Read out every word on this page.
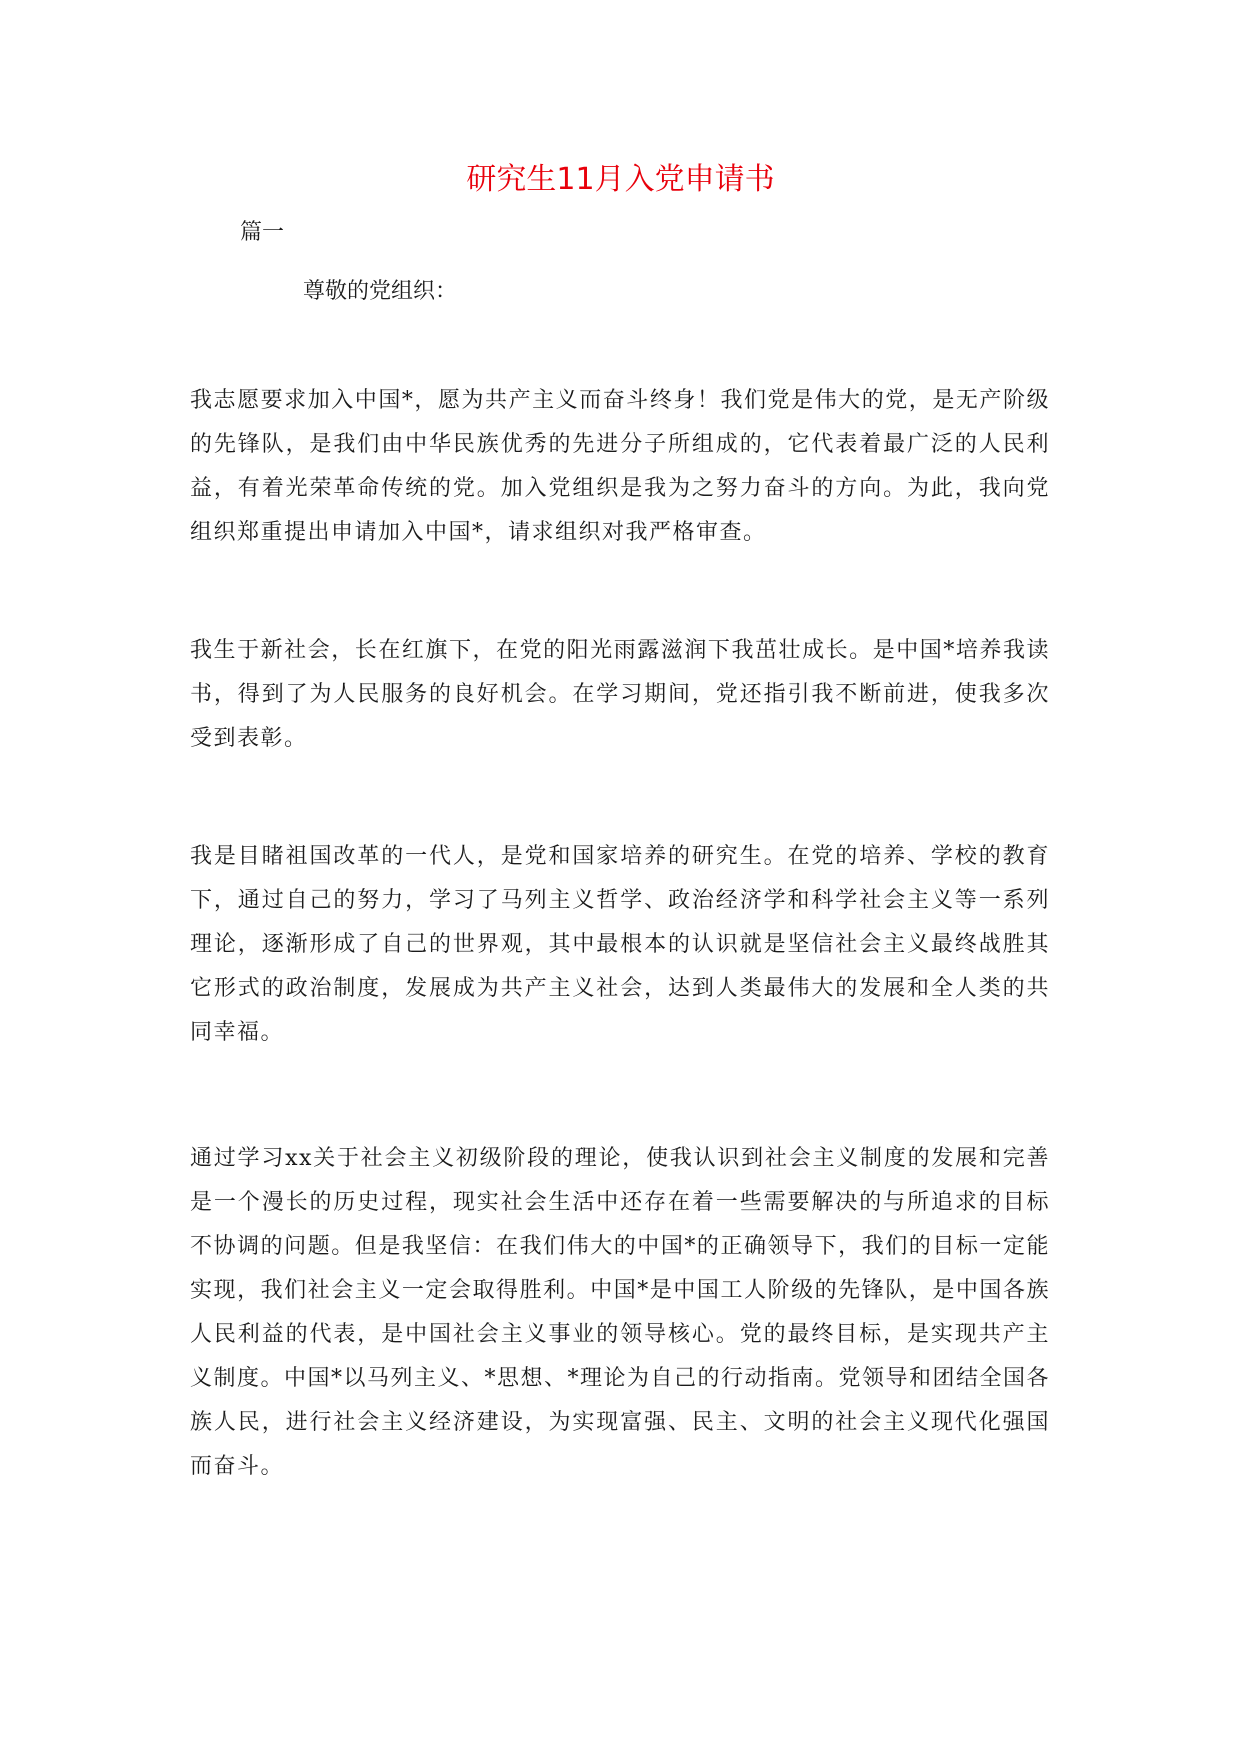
研究生11月入党申请书

篇一

尊敬的党组织：

我志愿要求加入中国*，愿为共产主义而奋斗终身！我们党是伟大的党，是无产阶级的先锋队，是我们由中华民族优秀的先进分子所组成的，它代表着最广泛的人民利益，有着光荣革命传统的党。加入党组织是我为之努力奋斗的方向。为此，我向党组织郑重提出申请加入中国*，请求组织对我严格审查。

我生于新社会，长在红旗下，在党的阳光雨露滋润下我茁壮成长。是中国*培养我读书，得到了为人民服务的良好机会。在学习期间，党还指引我不断前进，使我多次受到表彰。

我是目睹祖国改革的一代人，是党和国家培养的研究生。在党的培养、学校的教育下，通过自己的努力，学习了马列主义哲学、政治经济学和科学社会主义等一系列理论，逐渐形成了自己的世界观，其中最根本的认识就是坚信社会主义最终战胜其它形式的政治制度，发展成为共产主义社会，达到人类最伟大的发展和全人类的共同幸福。

通过学习xx关于社会主义初级阶段的理论，使我认识到社会主义制度的发展和完善是一个漫长的历史过程，现实社会生活中还存在着一些需要解决的与所追求的目标不协调的问题。但是我坚信：在我们伟大的中国*的正确领导下，我们的目标一定能实现，我们社会主义一定会取得胜利。中国*是中国工人阶级的先锋队，是中国各族人民利益的代表，是中国社会主义事业的领导核心。党的最终目标，是实现共产主义制度。中国*以马列主义、*思想、*理论为自己的行动指南。党领导和团结全国各族人民，进行社会主义经济建设，为实现富强、民主、文明的社会主义现代化强国而奋斗。
